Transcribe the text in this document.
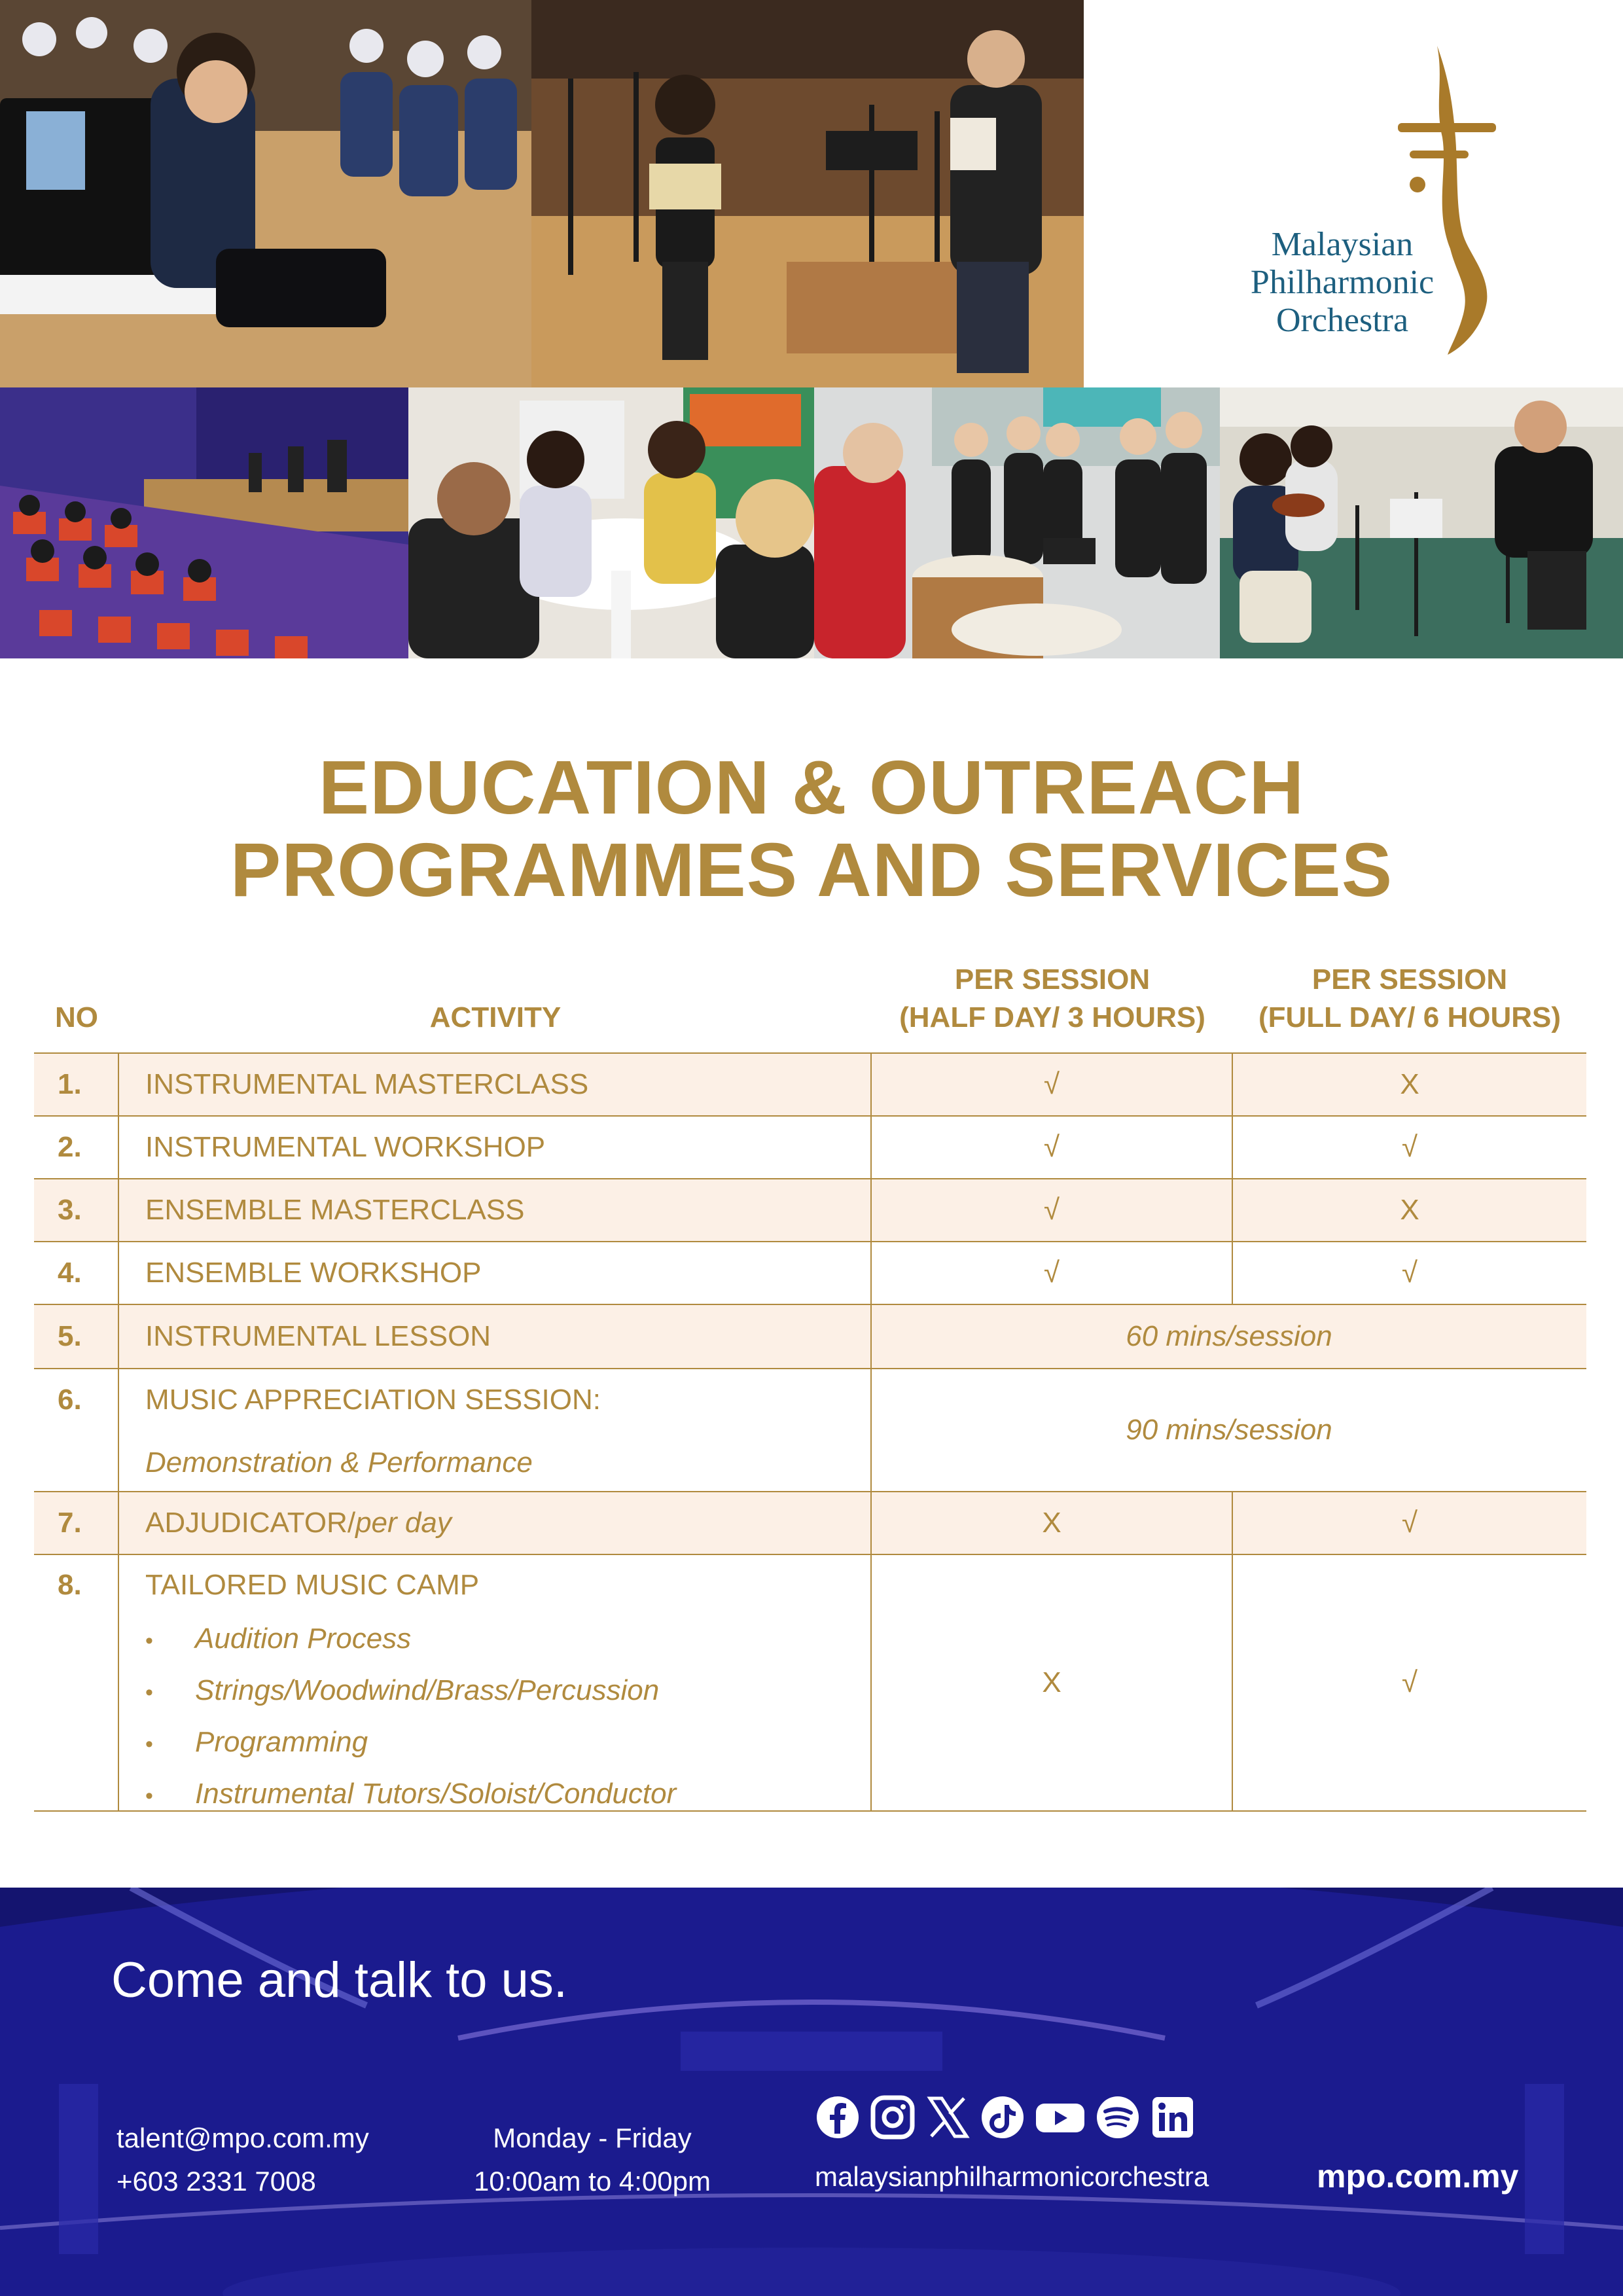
Malaysian
Philharmonic
Orchestra
EDUCATION & OUTREACH
PROGRAMMES AND SERVICES
NO	ACTIVITY
PER SESSION
(HALF DAY/ 3 HOURS)
PER SESSION
(FULL DAY/ 6 HOURS)
1.	INSTRUMENTAL MASTERCLASS	√	X
2.	INSTRUMENTAL WORKSHOP	√	√
3.	ENSEMBLE MASTERCLASS	√	X
4.	ENSEMBLE WORKSHOP	√	√
5.	INSTRUMENTAL LESSON	60 mins/session
6.	MUSIC APPRECIATION SESSION:
Demonstration & Performance
90 mins/session
7.	ADJUDICATOR/per day	X	√
8.	TAILORED MUSIC CAMP
• Audition Process
• Strings/Woodwind/Brass/Percussion
• Programming
• Instrumental Tutors/Soloist/Conductor
X	√
Come and talk to us.
talent@mpo.com.my
+603 2331 7008
Monday - Friday
10:00am to 4:00pm	malaysianphilharmonicorchestra	mpo.com.my
